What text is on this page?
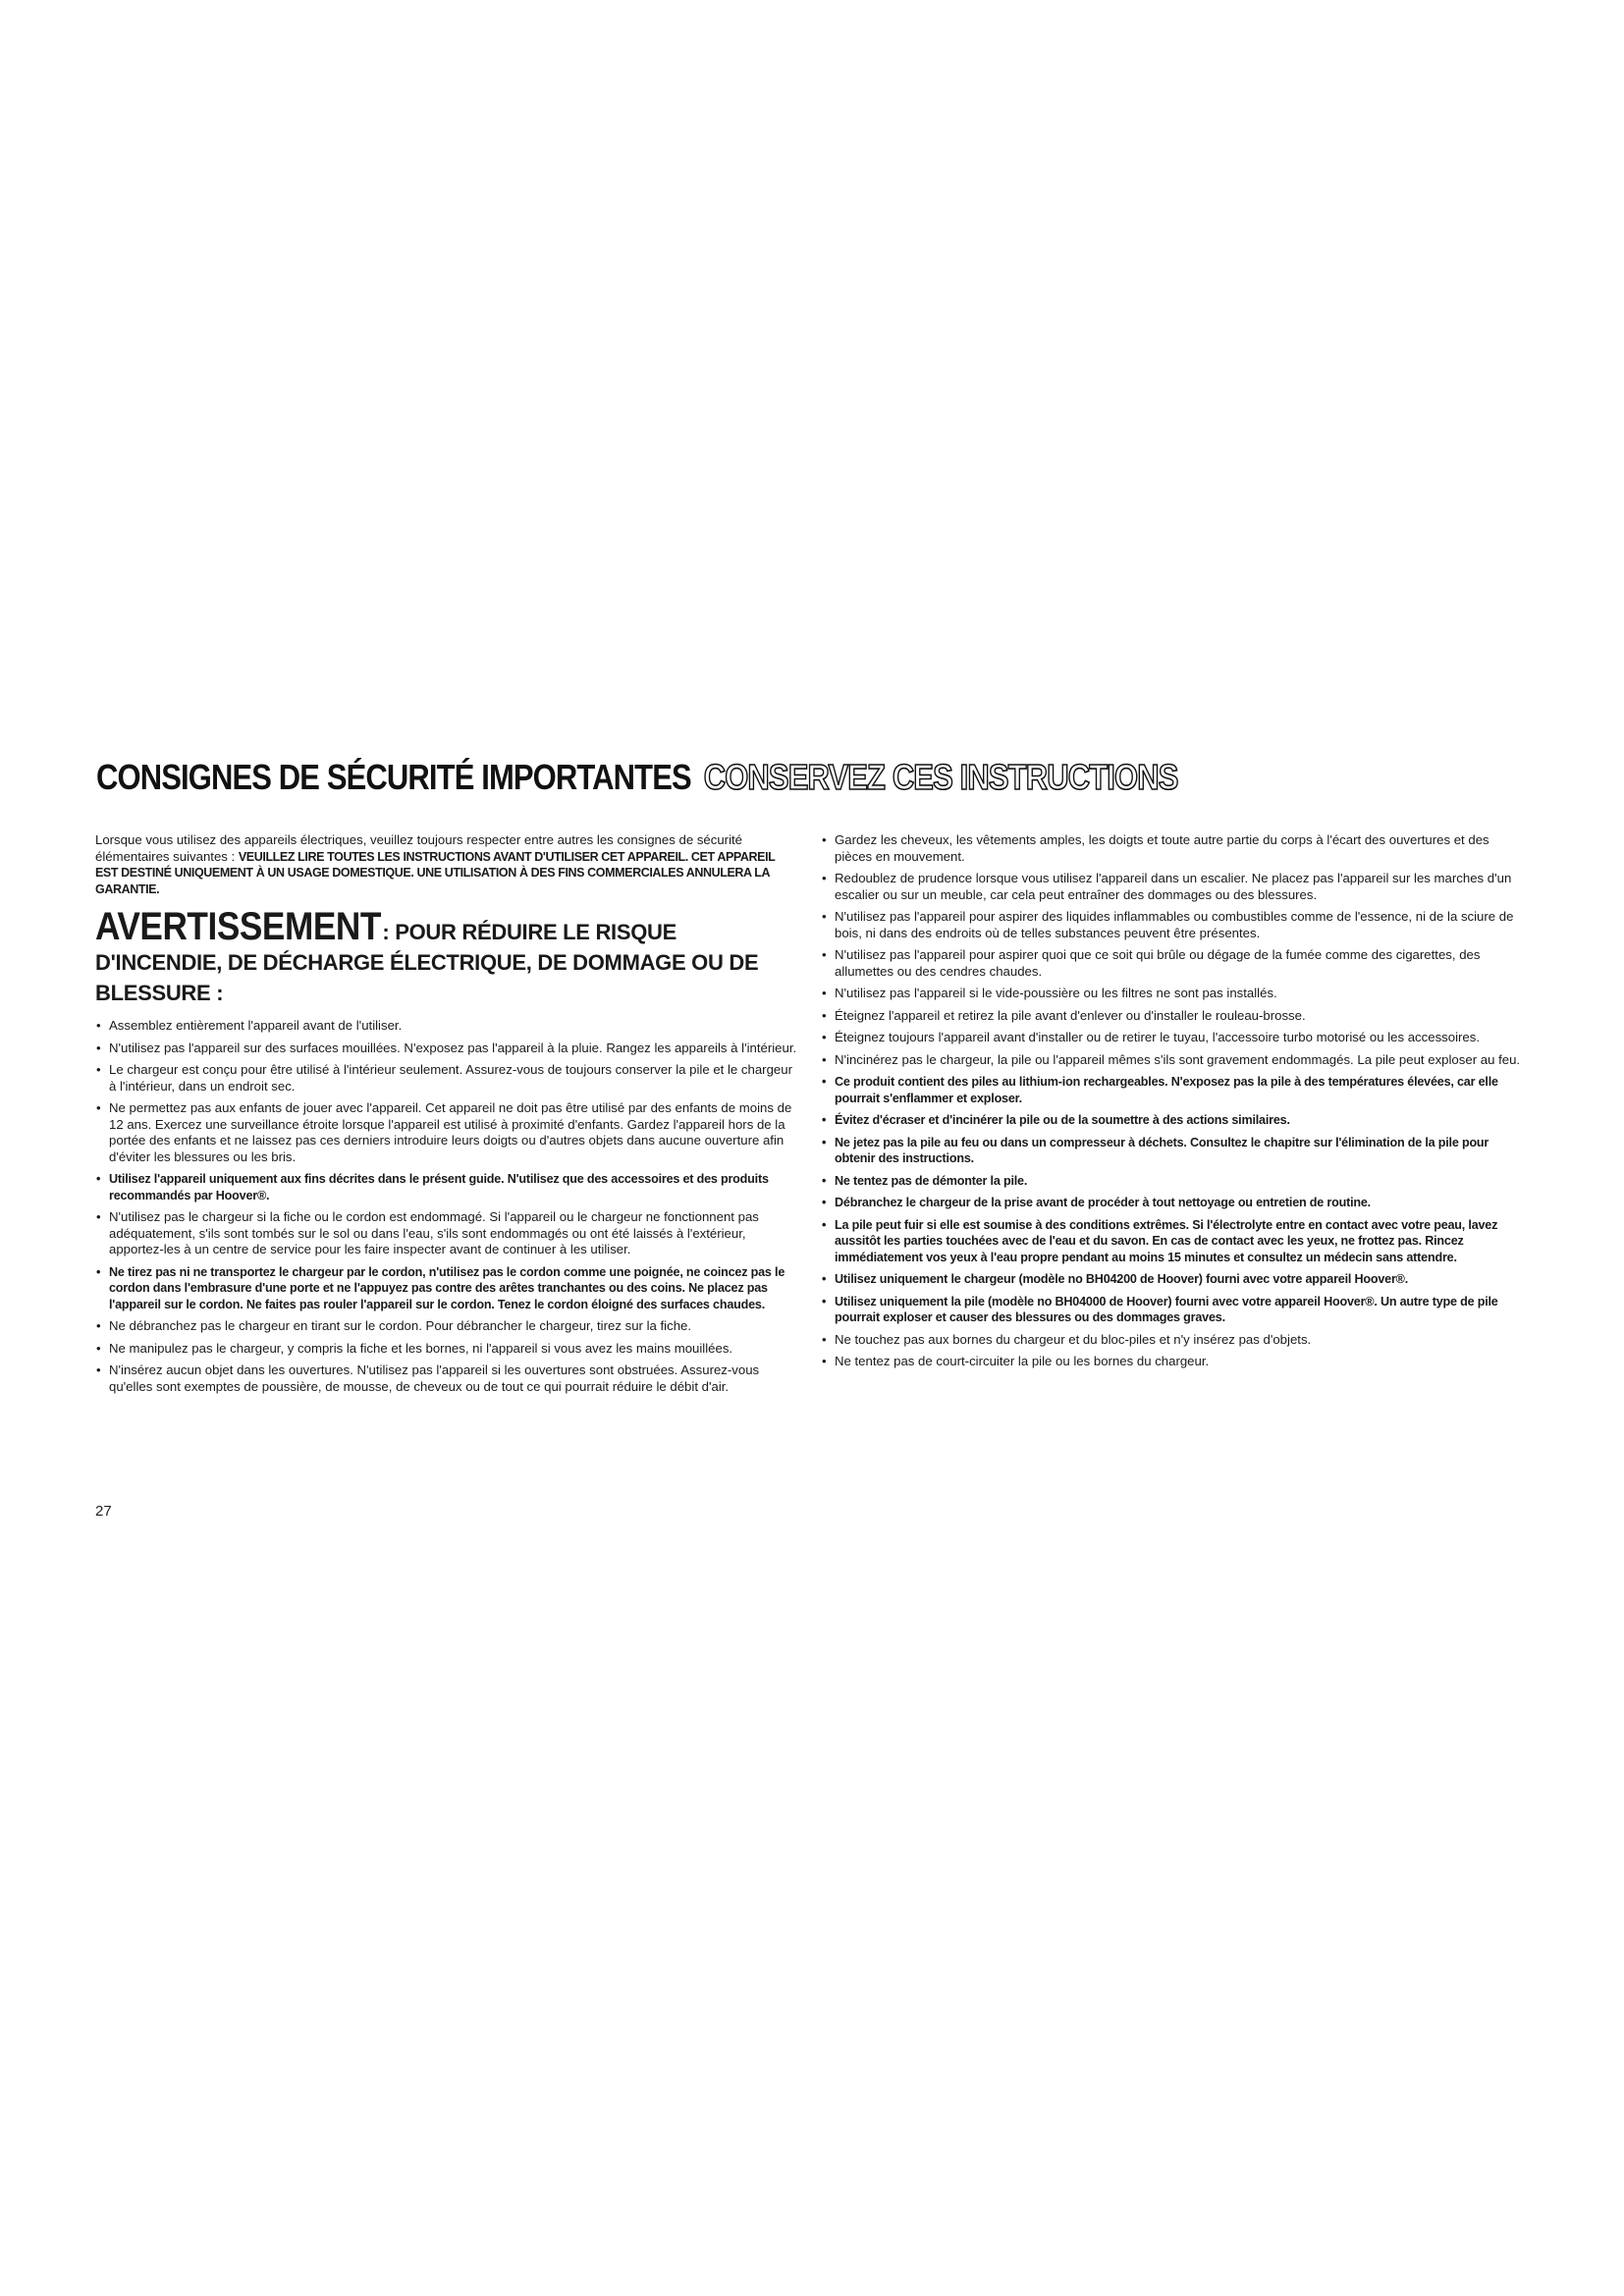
CONSIGNES DE SÉCURITÉ IMPORTANTES CONSERVEZ CES INSTRUCTIONS

Lorsque vous utilisez des appareils électriques, veuillez toujours respecter entre autres les consignes de sécurité élémentaires suivantes : VEUILLEZ LIRE TOUTES LES INSTRUCTIONS AVANT D'UTILISER CET APPAREIL. CET APPAREIL EST DESTINÉ UNIQUEMENT À UN USAGE DOMESTIQUE. UNE UTILISATION À DES FINS COMMERCIALES ANNULERA LA GARANTIE.

AVERTISSEMENT : POUR RÉDUIRE LE RISQUE D'INCENDIE, DE DÉCHARGE ÉLECTRIQUE, DE DOMMAGE OU DE BLESSURE :
• Assemblez entièrement l'appareil avant de l'utiliser.
• N'utilisez pas l'appareil sur des surfaces mouillées. N'exposez pas l'appareil à la pluie. Rangez les appareils à l'intérieur.
• Le chargeur est conçu pour être utilisé à l'intérieur seulement. Assurez-vous de toujours conserver la pile et le chargeur à l'intérieur, dans un endroit sec.
• Ne permettez pas aux enfants de jouer avec l'appareil. Cet appareil ne doit pas être utilisé par des enfants de moins de 12 ans. Exercez une surveillance étroite lorsque l'appareil est utilisé à proximité d'enfants. Gardez l'appareil hors de la portée des enfants et ne laissez pas ces derniers introduire leurs doigts ou d'autres objets dans aucune ouverture afin d'éviter les blessures ou les bris.
• Utilisez l'appareil uniquement aux fins décrites dans le présent guide. N'utilisez que des accessoires et des produits recommandés par Hoover®.
• N'utilisez pas le chargeur si la fiche ou le cordon est endommagé. Si l'appareil ou le chargeur ne fonctionnent pas adéquatement, s'ils sont tombés sur le sol ou dans l'eau, s'ils sont endommagés ou ont été laissés à l'extérieur, apportez-les à un centre de service pour les faire inspecter avant de continuer à les utiliser.
• Ne tirez pas ni ne transportez le chargeur par le cordon, n'utilisez pas le cordon comme une poignée, ne coincez pas le cordon dans l'embrasure d'une porte et ne l'appuyez pas contre des arêtes tranchantes ou des coins. Ne placez pas l'appareil sur le cordon. Ne faites pas rouler l'appareil sur le cordon. Tenez le cordon éloigné des surfaces chaudes.
• Ne débranchez pas le chargeur en tirant sur le cordon. Pour débrancher le chargeur, tirez sur la fiche.
• Ne manipulez pas le chargeur, y compris la fiche et les bornes, ni l'appareil si vous avez les mains mouillées.
• N'insérez aucun objet dans les ouvertures. N'utilisez pas l'appareil si les ouvertures sont obstruées. Assurez-vous qu'elles sont exemptes de poussière, de mousse, de cheveux ou de tout ce qui pourrait réduire le débit d'air.
• Gardez les cheveux, les vêtements amples, les doigts et toute autre partie du corps à l'écart des ouvertures et des pièces en mouvement.
• Redoublez de prudence lorsque vous utilisez l'appareil dans un escalier. Ne placez pas l'appareil sur les marches d'un escalier ou sur un meuble, car cela peut entraîner des dommages ou des blessures.
• N'utilisez pas l'appareil pour aspirer des liquides inflammables ou combustibles comme de l'essence, ni de la sciure de bois, ni dans des endroits où de telles substances peuvent être présentes.
• N'utilisez pas l'appareil pour aspirer quoi que ce soit qui brûle ou dégage de la fumée comme des cigarettes, des allumettes ou des cendres chaudes.
• N'utilisez pas l'appareil si le vide-poussière ou les filtres ne sont pas installés.
• Éteignez l'appareil et retirez la pile avant d'enlever ou d'installer le rouleau-brosse.
• Éteignez toujours l'appareil avant d'installer ou de retirer le tuyau, l'accessoire turbo motorisé ou les accessoires.
• N'incinérez pas le chargeur, la pile ou l'appareil mêmes s'ils sont gravement endommagés. La pile peut exploser au feu.
• Ce produit contient des piles au lithium-ion rechargeables. N'exposez pas la pile à des températures élevées, car elle pourrait s'enflammer et exploser.
• Évitez d'écraser et d'incinérer la pile ou de la soumettre à des actions similaires.
• Ne jetez pas la pile au feu ou dans un compresseur à déchets. Consultez le chapitre sur l'élimination de la pile pour obtenir des instructions.
• Ne tentez pas de démonter la pile.
• Débranchez le chargeur de la prise avant de procéder à tout nettoyage ou entretien de routine.
• La pile peut fuir si elle est soumise à des conditions extrêmes. Si l'électrolyte entre en contact avec votre peau, lavez aussitôt les parties touchées avec de l'eau et du savon. En cas de contact avec les yeux, ne frottez pas. Rincez immédiatement vos yeux à l'eau propre pendant au moins 15 minutes et consultez un médecin sans attendre.
• Utilisez uniquement le chargeur (modèle no BH04200 de Hoover) fourni avec votre appareil Hoover®.
• Utilisez uniquement la pile (modèle no BH04000 de Hoover) fourni avec votre appareil Hoover®. Un autre type de pile pourrait exploser et causer des blessures ou des dommages graves.
• Ne touchez pas aux bornes du chargeur et du bloc-piles et n'y insérez pas d'objets.
• Ne tentez pas de court-circuiter la pile ou les bornes du chargeur.
27
